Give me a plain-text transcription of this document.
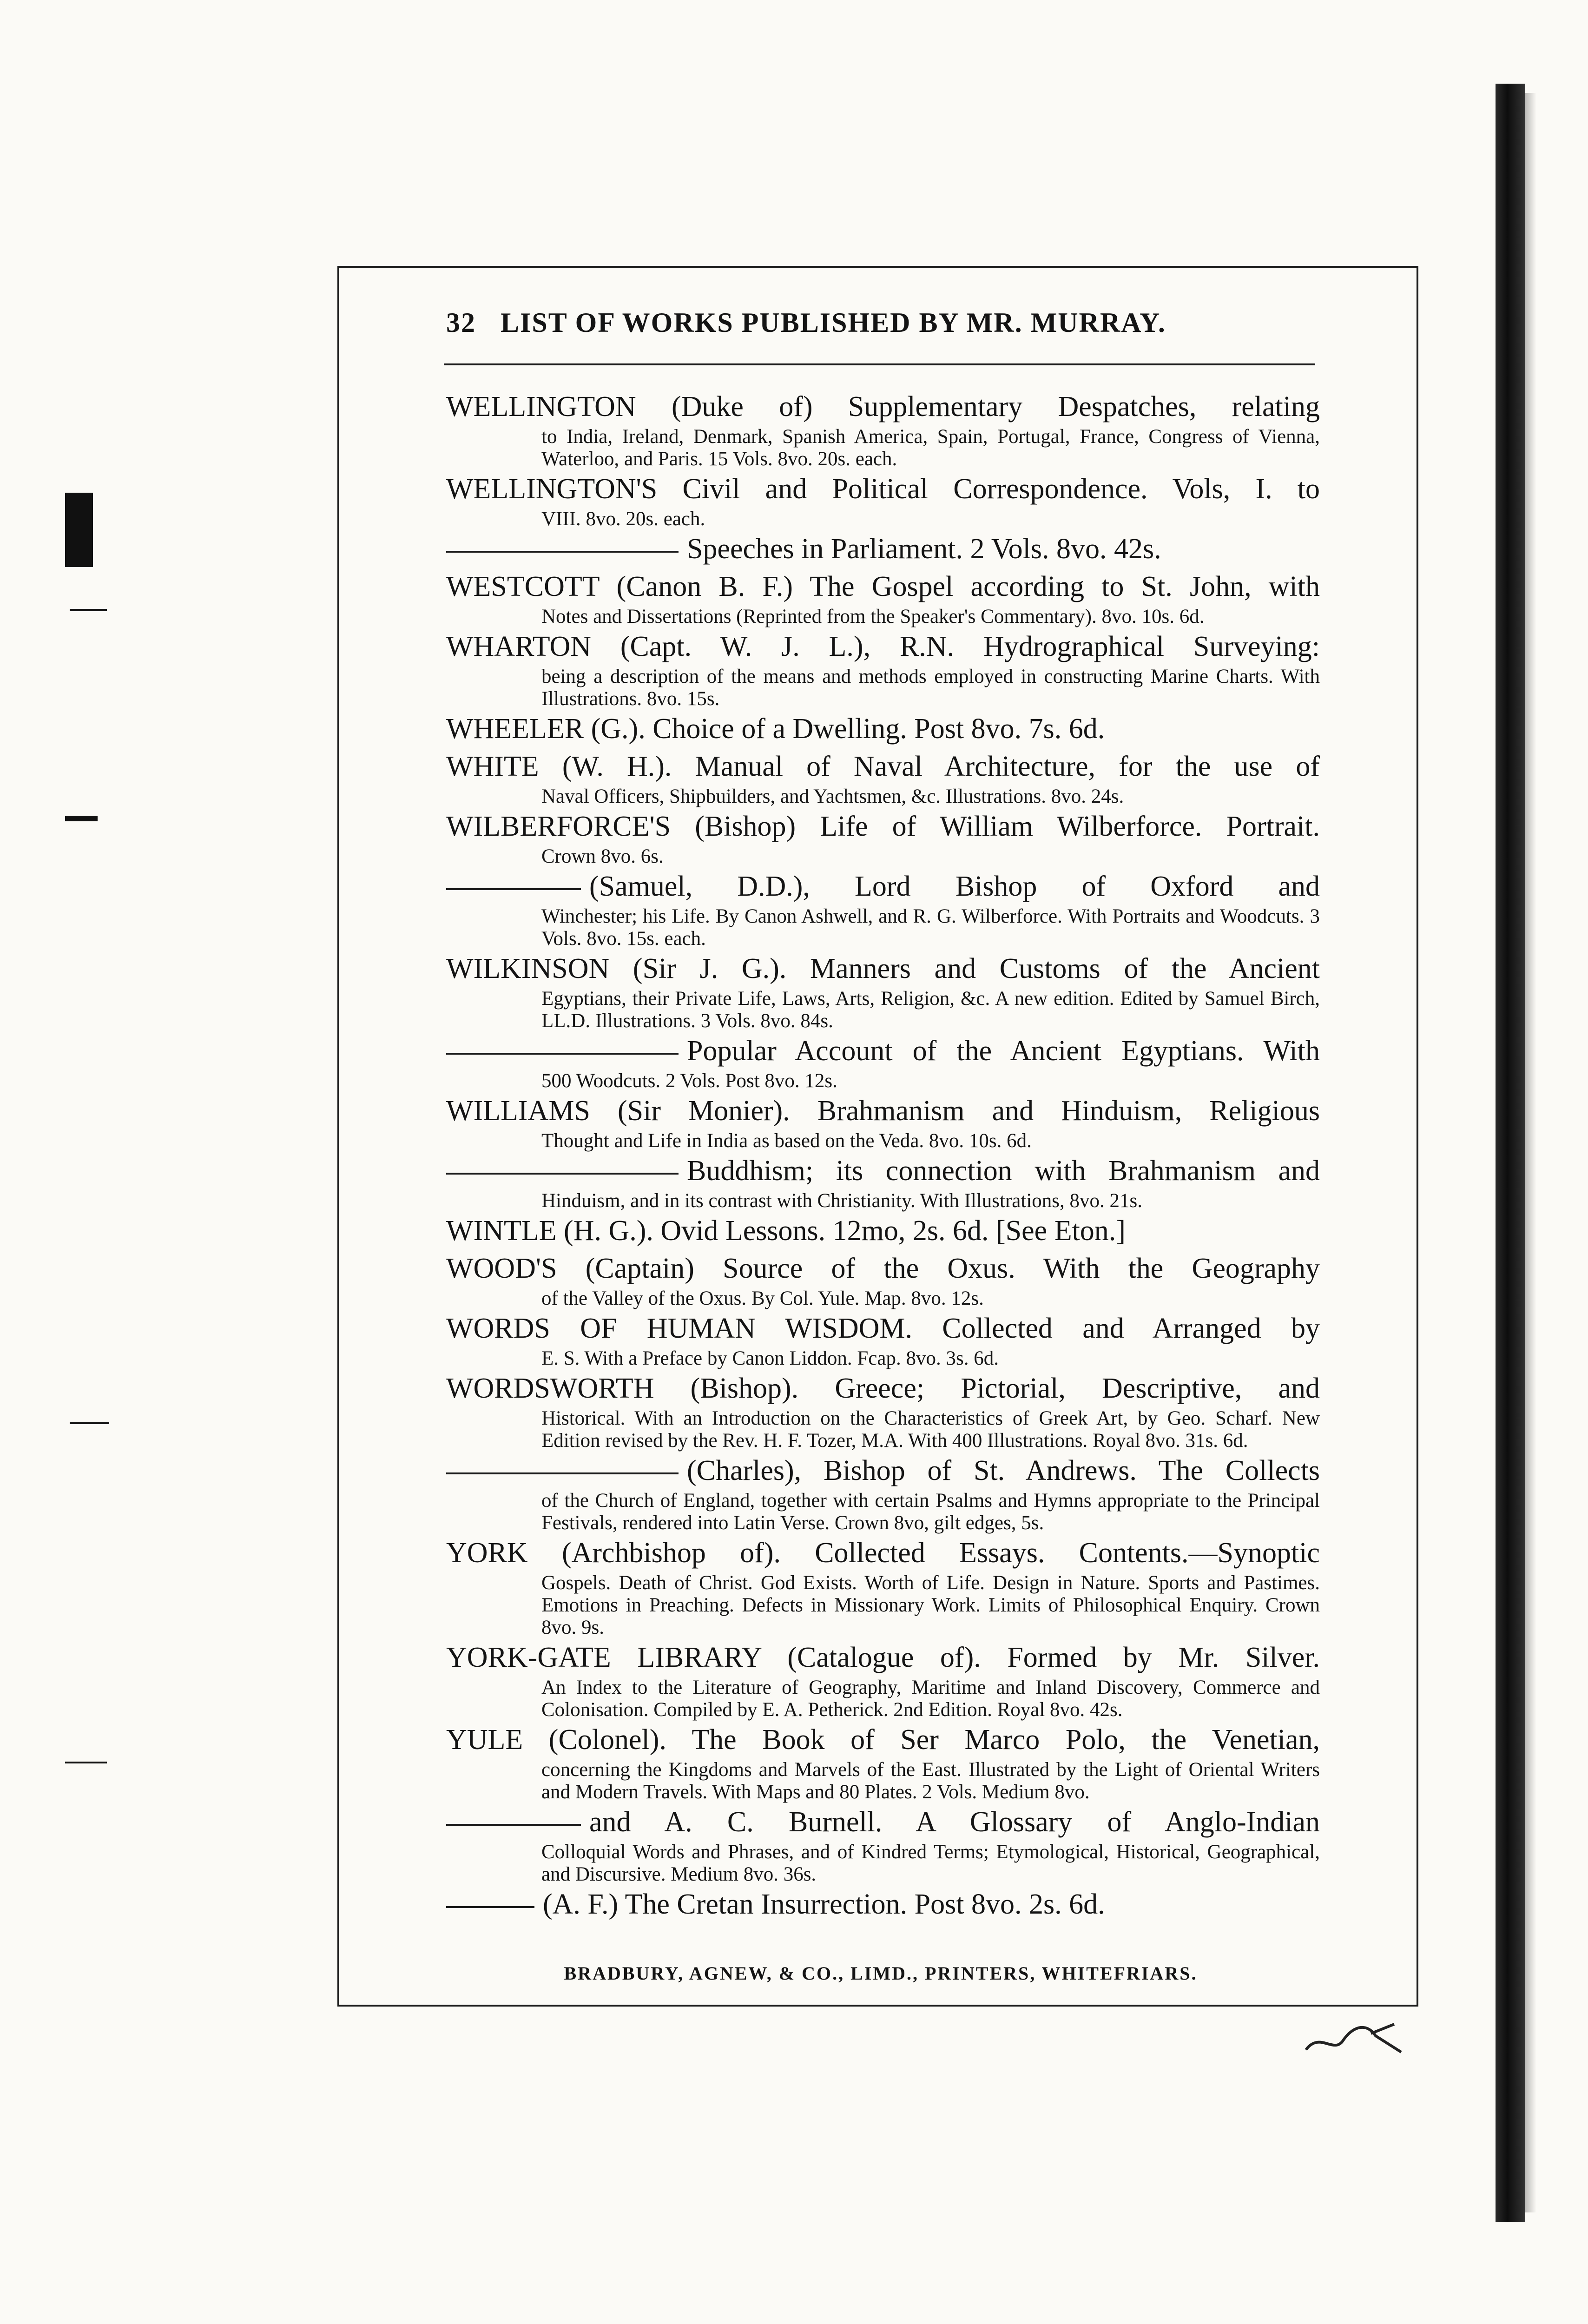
32 LIST OF WORKS PUBLISHED BY MR. MURRAY.
WELLINGTON (Duke of) Supplementary Despatches, relating
to India, Ireland, Denmark, Spanish America, Spain, Portugal, France, Congress of Vienna, Waterloo, and Paris. 15 Vols. 8vo. 20s. each.
WELLINGTON'S Civil and Political Correspondence. Vols, I. to
VIII. 8vo. 20s. each.
Speeches in Parliament. 2 Vols. 8vo. 42s.
WESTCOTT (Canon B. F.) The Gospel according to St. John, with
Notes and Dissertations (Reprinted from the Speaker's Commentary). 8vo. 10s. 6d.
WHARTON (Capt. W. J. L.), R.N. Hydrographical Surveying:
being a description of the means and methods employed in constructing Marine Charts. With Illustrations. 8vo. 15s.
WHEELER (G.). Choice of a Dwelling. Post 8vo. 7s. 6d.
WHITE (W. H.). Manual of Naval Architecture, for the use of
Naval Officers, Shipbuilders, and Yachtsmen, &c. Illustrations. 8vo. 24s.
WILBERFORCE'S (Bishop) Life of William Wilberforce. Portrait.
Crown 8vo. 6s.
(Samuel, D.D.), Lord Bishop of Oxford and
Winchester; his Life. By Canon Ashwell, and R. G. Wilberforce. With Portraits and Woodcuts. 3 Vols. 8vo. 15s. each.
WILKINSON (Sir J. G.). Manners and Customs of the Ancient
Egyptians, their Private Life, Laws, Arts, Religion, &c. A new edition. Edited by Samuel Birch, LL.D. Illustrations. 3 Vols. 8vo. 84s.
Popular Account of the Ancient Egyptians. With
500 Woodcuts. 2 Vols. Post 8vo. 12s.
WILLIAMS (Sir Monier). Brahmanism and Hinduism, Religious
Thought and Life in India as based on the Veda. 8vo. 10s. 6d.
Buddhism; its connection with Brahmanism and
Hinduism, and in its contrast with Christianity. With Illustrations, 8vo. 21s.
WINTLE (H. G.). Ovid Lessons. 12mo, 2s. 6d. [See Eton.]
WOOD'S (Captain) Source of the Oxus. With the Geography
of the Valley of the Oxus. By Col. Yule. Map. 8vo. 12s.
WORDS OF HUMAN WISDOM. Collected and Arranged by
E. S. With a Preface by Canon Liddon. Fcap. 8vo. 3s. 6d.
WORDSWORTH (Bishop). Greece; Pictorial, Descriptive, and
Historical. With an Introduction on the Characteristics of Greek Art, by Geo. Scharf. New Edition revised by the Rev. H. F. Tozer, M.A. With 400 Illustrations. Royal 8vo. 31s. 6d.
(Charles), Bishop of St. Andrews. The Collects
of the Church of England, together with certain Psalms and Hymns appropriate to the Principal Festivals, rendered into Latin Verse. Crown 8vo, gilt edges, 5s.
YORK (Archbishop of). Collected Essays. Contents.—Synoptic
Gospels. Death of Christ. God Exists. Worth of Life. Design in Nature. Sports and Pastimes. Emotions in Preaching. Defects in Missionary Work. Limits of Philosophical Enquiry. Crown 8vo. 9s.
YORK-GATE LIBRARY (Catalogue of). Formed by Mr. Silver.
An Index to the Literature of Geography, Maritime and Inland Discovery, Commerce and Colonisation. Compiled by E. A. Petherick. 2nd Edition. Royal 8vo. 42s.
YULE (Colonel). The Book of Ser Marco Polo, the Venetian,
concerning the Kingdoms and Marvels of the East. Illustrated by the Light of Oriental Writers and Modern Travels. With Maps and 80 Plates. 2 Vols. Medium 8vo.
and A. C. Burnell. A Glossary of Anglo-Indian
Colloquial Words and Phrases, and of Kindred Terms; Etymological, Historical, Geographical, and Discursive. Medium 8vo. 36s.
(A. F.) The Cretan Insurrection. Post 8vo. 2s. 6d.
BRADBURY, AGNEW, & CO., LIMD., PRINTERS, WHITEFRIARS.
